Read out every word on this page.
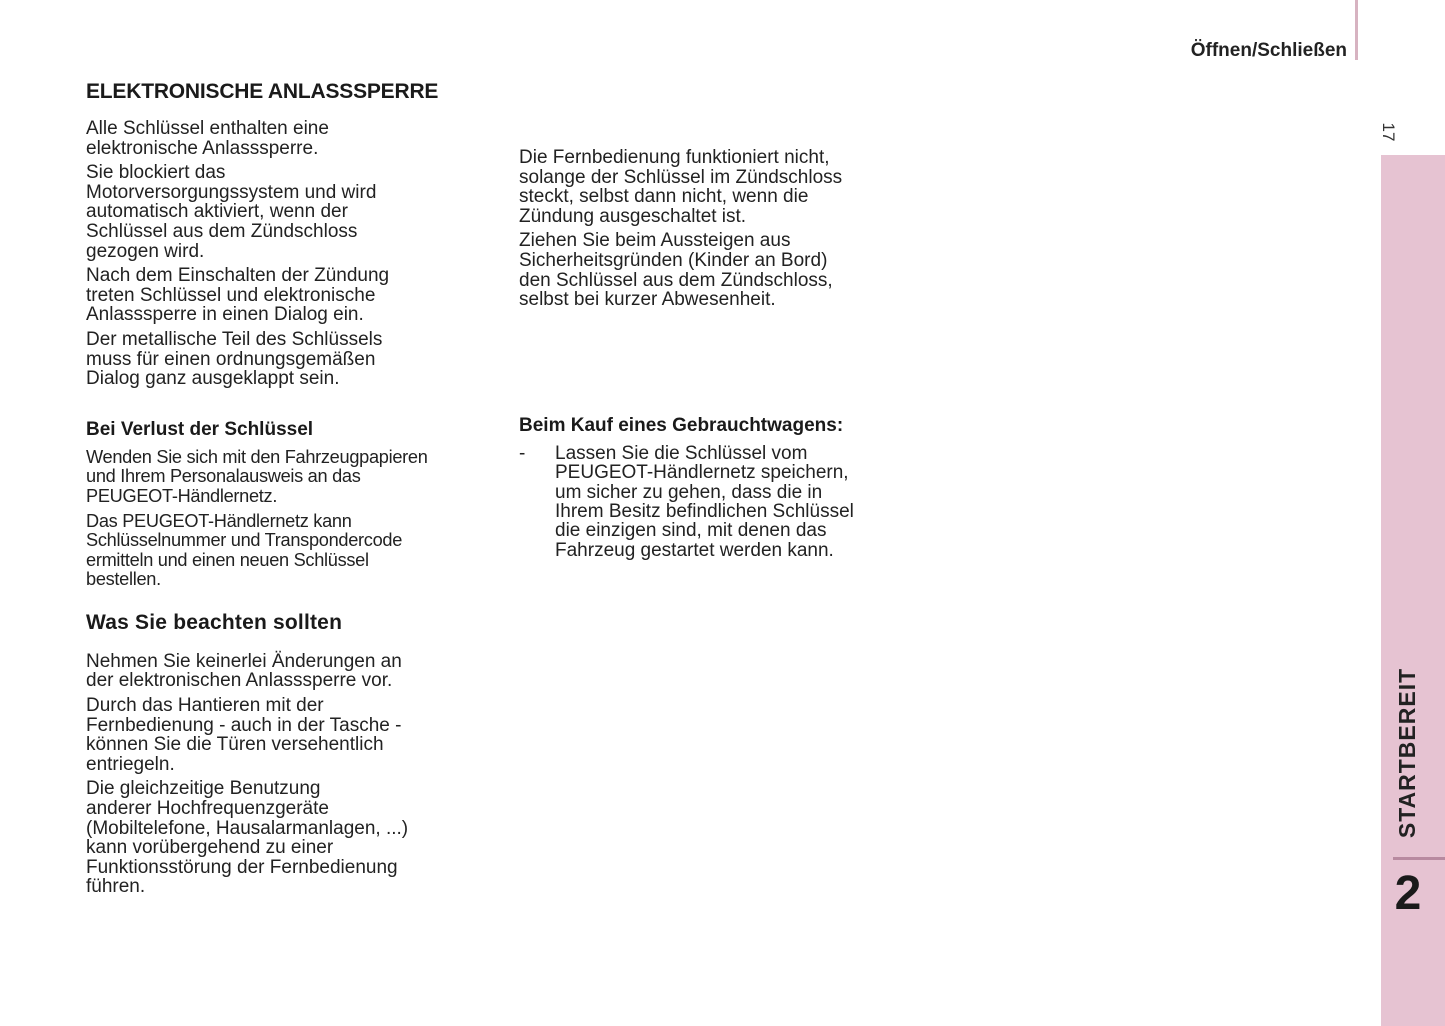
Öffnen/Schließen
17
STARTBEREIT
2
ELEKTRONISCHE ANLASSSPERRE

Alle Schlüssel enthalten eine
elektronische Anlasssperre.

Sie blockiert das
Motorversorgungssystem und wird
automatisch aktiviert, wenn der
Schlüssel aus dem Zündschloss
gezogen wird.

Nach dem Einschalten der Zündung
treten Schlüssel und elektronische
Anlasssperre in einen Dialog ein.

Der metallische Teil des Schlüssels
muss für einen ordnungsgemäßen
Dialog ganz ausgeklappt sein.

Bei Verlust der Schlüssel

Wenden Sie sich mit den Fahrzeugpapieren
und Ihrem Personalausweis an das
PEUGEOT-Händlernetz.

Das PEUGEOT-Händlernetz kann
Schlüsselnummer und Transpondercode
ermitteln und einen neuen Schlüssel
bestellen.

Was Sie beachten sollten

Nehmen Sie keinerlei Änderungen an
der elektronischen Anlasssperre vor.

Durch das Hantieren mit der
Fernbedienung - auch in der Tasche -
können Sie die Türen versehentlich
entriegeln.

Die gleichzeitige Benutzung
anderer Hochfrequenzgeräte
(Mobiltelefone, Hausalarmanlagen, ...)
kann vorübergehend zu einer
Funktionsstörung der Fernbedienung
führen.

Die Fernbedienung funktioniert nicht,
solange der Schlüssel im Zündschloss
steckt, selbst dann nicht, wenn die
Zündung ausgeschaltet ist.

Ziehen Sie beim Aussteigen aus
Sicherheitsgründen (Kinder an Bord)
den Schlüssel aus dem Zündschloss,
selbst bei kurzer Abwesenheit.

Beim Kauf eines Gebrauchtwagens:
-	Lassen Sie die Schlüssel vom
PEUGEOT-Händlernetz speichern,
um sicher zu gehen, dass die in
Ihrem Besitz befindlichen Schlüssel
die einzigen sind, mit denen das
Fahrzeug gestartet werden kann.
